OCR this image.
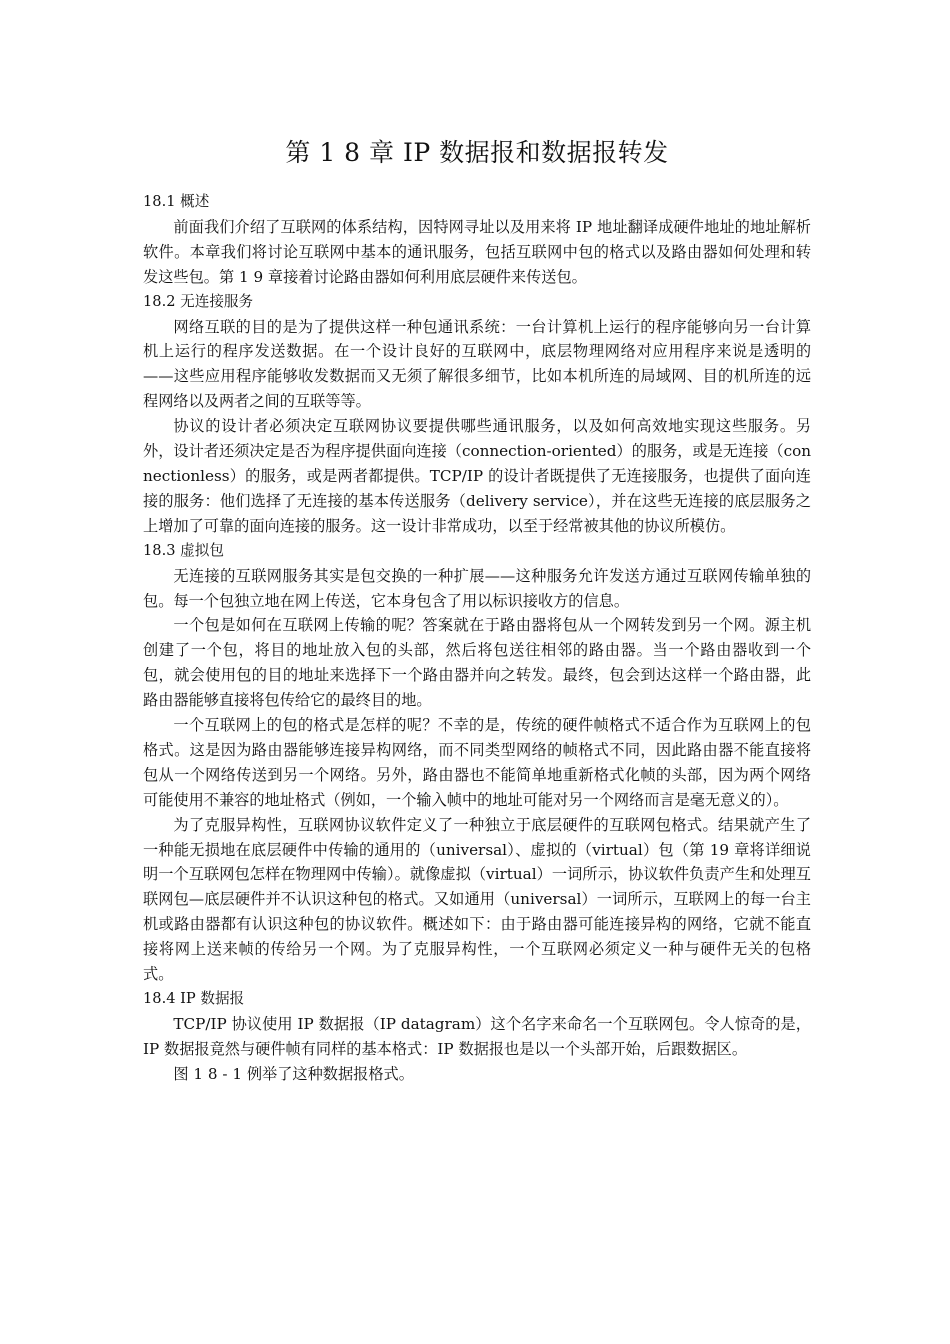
第 1 8 章 IP 数据报和数据报转发

18.1 概述

前面我们介绍了互联网的体系结构，因特网寻址以及用来将 IP 地址翻译成硬件地址的地址解析软件。本章我们将讨论互联网中基本的通讯服务，包括互联网中包的格式以及路由器如何处理和转发这些包。第 1 9 章接着讨论路由器如何利用底层硬件来传送包。

18.2 无连接服务

网络互联的目的是为了提供这样一种包通讯系统：一台计算机上运行的程序能够向另一台计算机上运行的程序发送数据。在一个设计良好的互联网中，底层物理网络对应用程序来说是透明的——这些应用程序能够收发数据而又无须了解很多细节，比如本机所连的局域网、目的机所连的远程网络以及两者之间的互联等等。

协议的设计者必须决定互联网协议要提供哪些通讯服务，以及如何高效地实现这些服务。另外，设计者还须决定是否为程序提供面向连接（connection-oriented）的服务，或是无连接（connectionless）的服务，或是两者都提供。TCP/IP 的设计者既提供了无连接服务，也提供了面向连接的服务：他们选择了无连接的基本传送服务（delivery service），并在这些无连接的底层服务之上增加了可靠的面向连接的服务。这一设计非常成功，以至于经常被其他的协议所模仿。

18.3 虚拟包

无连接的互联网服务其实是包交换的一种扩展——这种服务允许发送方通过互联网传输单独的包。每一个包独立地在网上传送，它本身包含了用以标识接收方的信息。

一个包是如何在互联网上传输的呢？答案就在于路由器将包从一个网转发到另一个网。源主机创建了一个包，将目的地址放入包的头部，然后将包送往相邻的路由器。当一个路由器收到一个包，就会使用包的目的地址来选择下一个路由器并向之转发。最终，包会到达这样一个路由器，此路由器能够直接将包传给它的最终目的地。

一个互联网上的包的格式是怎样的呢？不幸的是，传统的硬件帧格式不适合作为互联网上的包格式。这是因为路由器能够连接异构网络，而不同类型网络的帧格式不同，因此路由器不能直接将包从一个网络传送到另一个网络。另外，路由器也不能简单地重新格式化帧的头部，因为两个网络可能使用不兼容的地址格式（例如，一个输入帧中的地址可能对另一个网络而言是毫无意义的）。

为了克服异构性，互联网协议软件定义了一种独立于底层硬件的互联网包格式。结果就产生了一种能无损地在底层硬件中传输的通用的（universal）、虚拟的（virtual）包（第 19 章将详细说明一个互联网包怎样在物理网中传输）。就像虚拟（virtual）一词所示，协议软件负责产生和处理互联网包—底层硬件并不认识这种包的格式。又如通用（universal）一词所示，互联网上的每一台主机或路由器都有认识这种包的协议软件。概述如下：由于路由器可能连接异构的网络，它就不能直接将网上送来帧的传给另一个网。为了克服异构性，一个互联网必须定义一种与硬件无关的包格式。

18.4 IP 数据报

TCP/IP 协议使用 IP 数据报（IP datagram）这个名字来命名一个互联网包。令人惊奇的是，IP 数据报竟然与硬件帧有同样的基本格式：IP 数据报也是以一个头部开始，后跟数据区。

图 1 8 - 1 例举了这种数据报格式。
